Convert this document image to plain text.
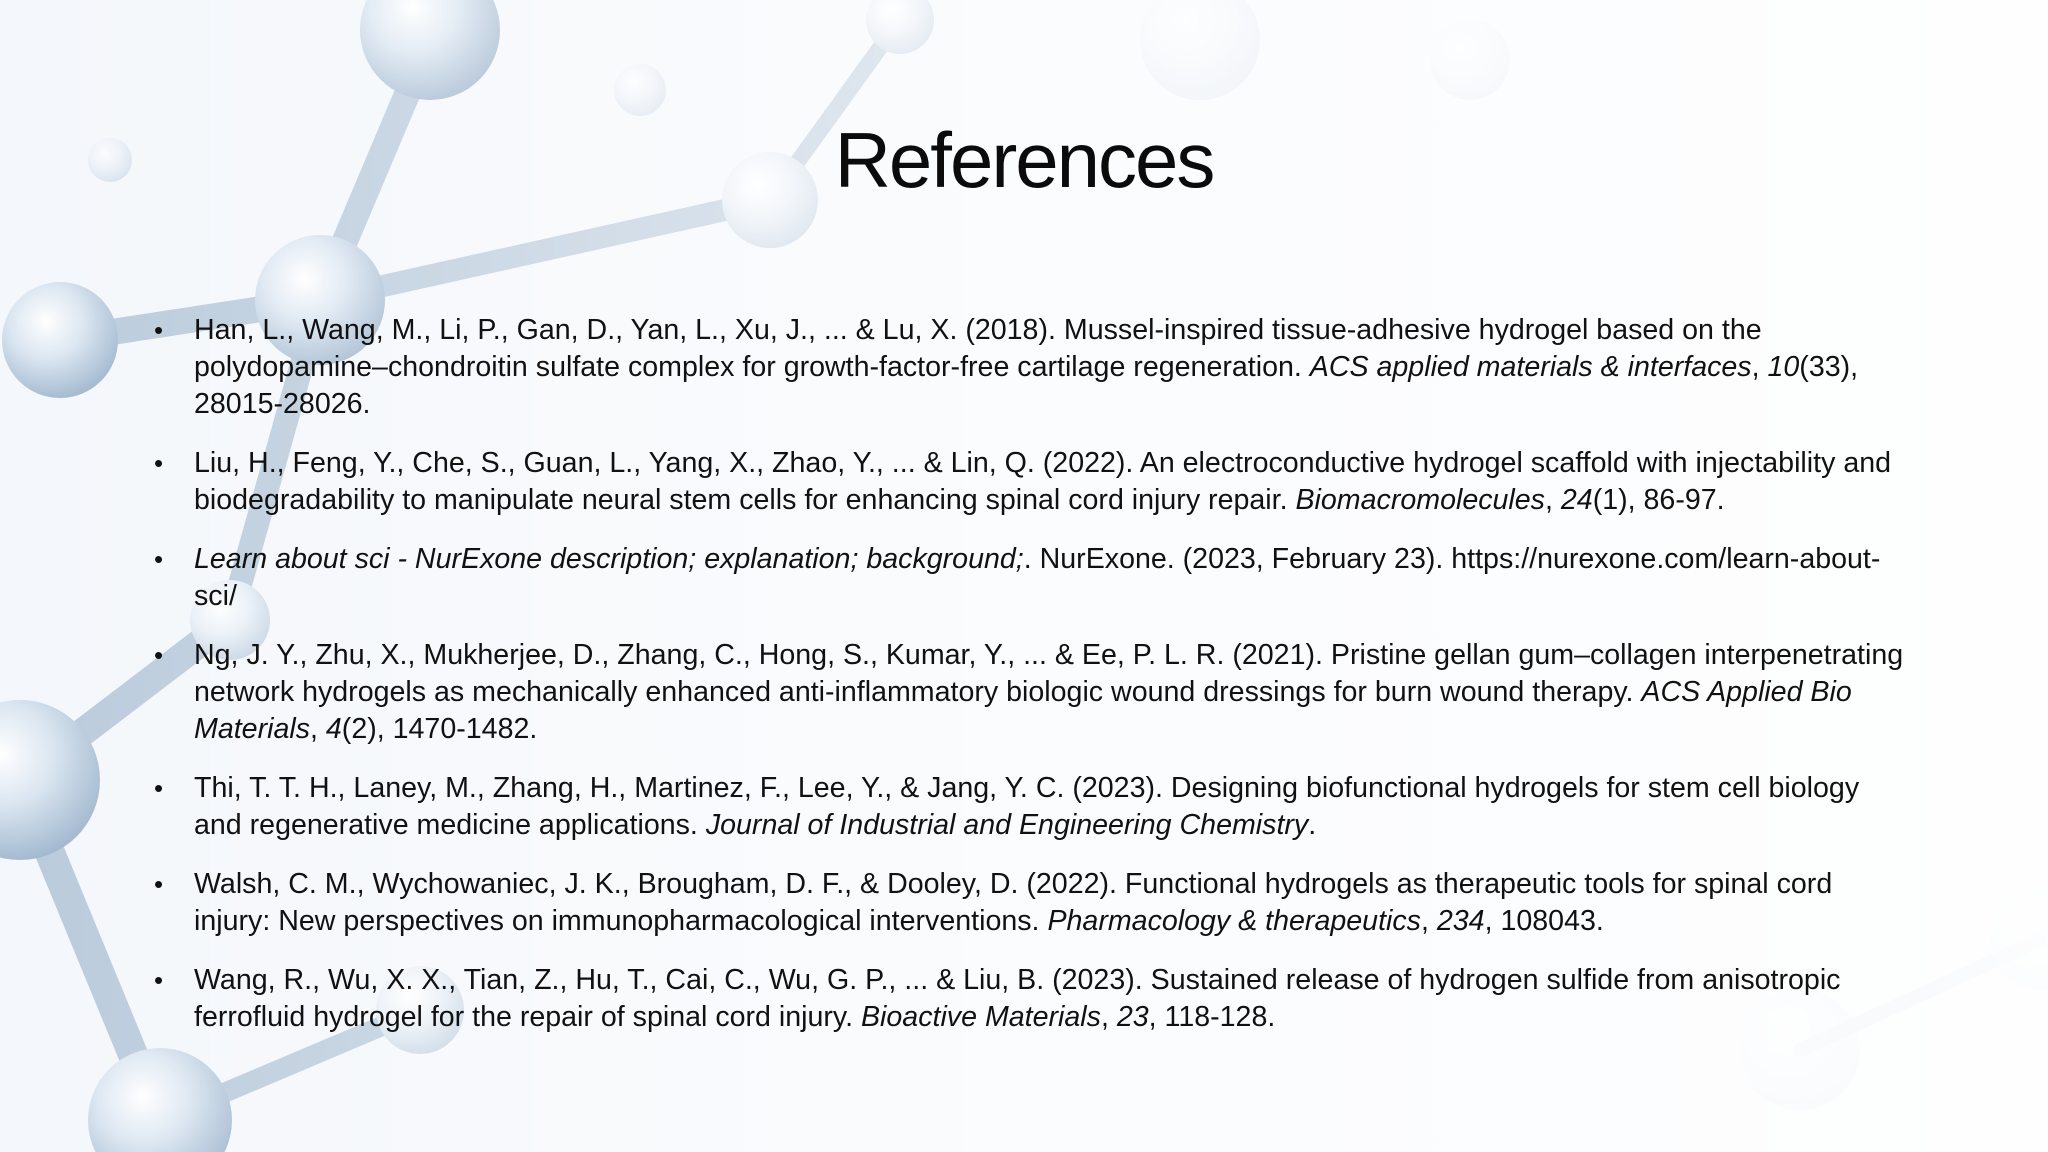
References
• Han, L., Wang, M., Li, P., Gan, D., Yan, L., Xu, J., ... & Lu, X. (2018). Mussel-inspired tissue-adhesive hydrogel based on the polydopamine–chondroitin sulfate complex for growth-factor-free cartilage regeneration. ACS applied materials & interfaces, 10(33), 28015-28026.
• Liu, H., Feng, Y., Che, S., Guan, L., Yang, X., Zhao, Y., ... & Lin, Q. (2022). An electroconductive hydrogel scaffold with injectability and biodegradability to manipulate neural stem cells for enhancing spinal cord injury repair. Biomacromolecules, 24(1), 86-97.
• Learn about sci - NurExone description; explanation; background;. NurExone. (2023, February 23). https://nurexone.com/learn-about-sci/
• Ng, J. Y., Zhu, X., Mukherjee, D., Zhang, C., Hong, S., Kumar, Y., ... & Ee, P. L. R. (2021). Pristine gellan gum–collagen interpenetrating network hydrogels as mechanically enhanced anti-inflammatory biologic wound dressings for burn wound therapy. ACS Applied Bio Materials, 4(2), 1470-1482.
• Thi, T. T. H., Laney, M., Zhang, H., Martinez, F., Lee, Y., & Jang, Y. C. (2023). Designing biofunctional hydrogels for stem cell biology and regenerative medicine applications. Journal of Industrial and Engineering Chemistry.
• Walsh, C. M., Wychowaniec, J. K., Brougham, D. F., & Dooley, D. (2022). Functional hydrogels as therapeutic tools for spinal cord injury: New perspectives on immunopharmacological interventions. Pharmacology & therapeutics, 234, 108043.
• Wang, R., Wu, X. X., Tian, Z., Hu, T., Cai, C., Wu, G. P., ... & Liu, B. (2023). Sustained release of hydrogen sulfide from anisotropic ferrofluid hydrogel for the repair of spinal cord injury. Bioactive Materials, 23, 118-128.
